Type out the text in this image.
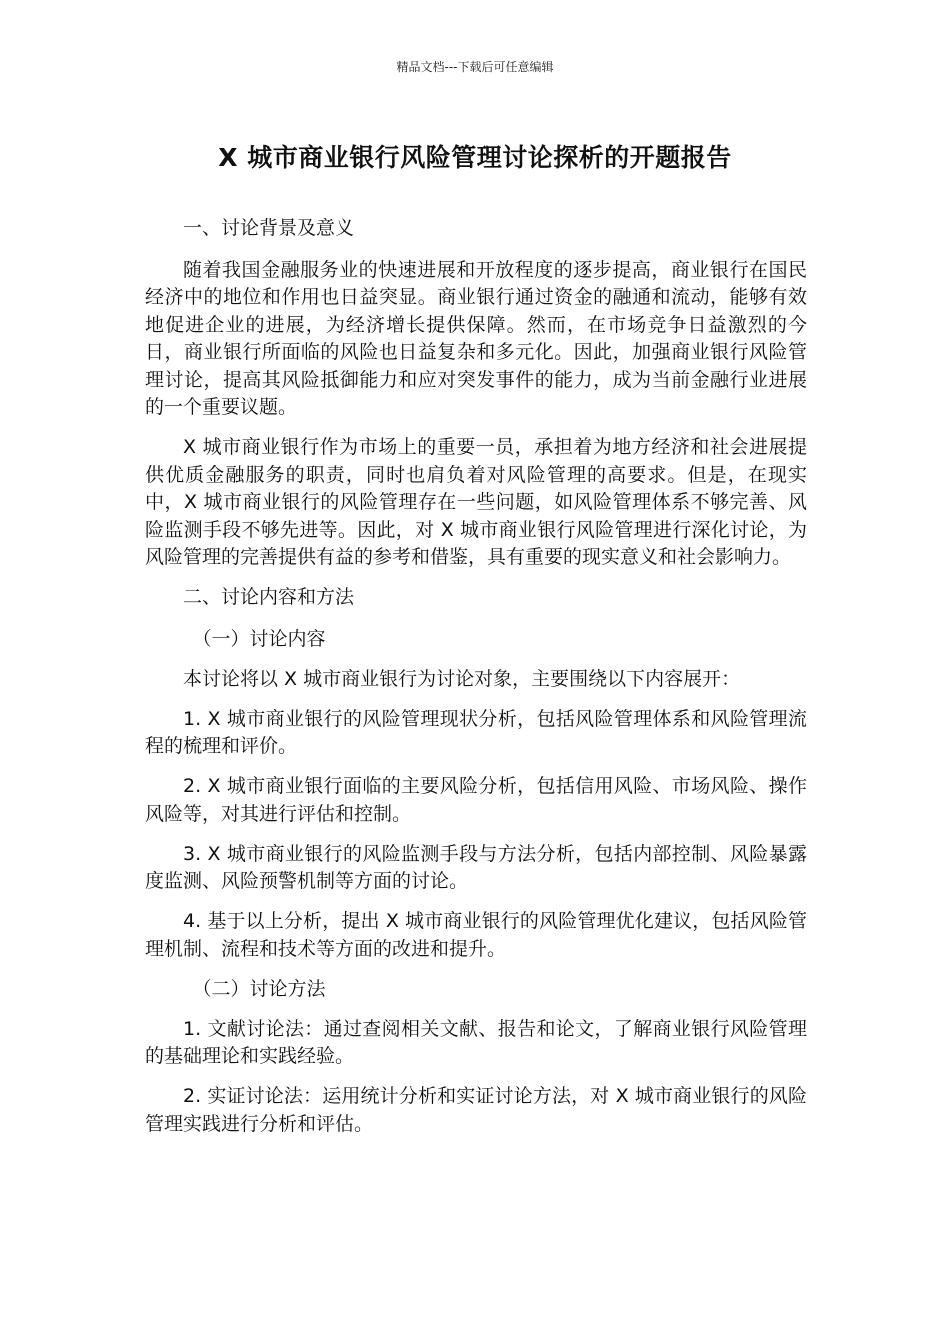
精品文档---下载后可任意编辑
X 城市商业银行风险管理讨论探析的开题报告

一、讨论背景及意义

随着我国金融服务业的快速进展和开放程度的逐步提高，商业银行在国民经济中的地位和作用也日益突显。商业银行通过资金的融通和流动，能够有效地促进企业的进展，为经济增长提供保障。然而，在市场竞争日益激烈的今日，商业银行所面临的风险也日益复杂和多元化。因此，加强商业银行风险管理讨论，提高其风险抵御能力和应对突发事件的能力，成为当前金融行业进展的一个重要议题。

X 城市商业银行作为市场上的重要一员，承担着为地方经济和社会进展提供优质金融服务的职责，同时也肩负着对风险管理的高要求。但是，在现实中，X 城市商业银行的风险管理存在一些问题，如风险管理体系不够完善、风险监测手段不够先进等。因此，对 X 城市商业银行风险管理进行深化讨论，为风险管理的完善提供有益的参考和借鉴，具有重要的现实意义和社会影响力。

二、讨论内容和方法

（一）讨论内容

本讨论将以 X 城市商业银行为讨论对象，主要围绕以下内容展开：

1. X 城市商业银行的风险管理现状分析，包括风险管理体系和风险管理流程的梳理和评价。

2. X 城市商业银行面临的主要风险分析，包括信用风险、市场风险、操作风险等，对其进行评估和控制。

3. X 城市商业银行的风险监测手段与方法分析，包括内部控制、风险暴露度监测、风险预警机制等方面的讨论。

4. 基于以上分析，提出 X 城市商业银行的风险管理优化建议，包括风险管理机制、流程和技术等方面的改进和提升。

（二）讨论方法

1. 文献讨论法：通过查阅相关文献、报告和论文，了解商业银行风险管理的基础理论和实践经验。

2. 实证讨论法：运用统计分析和实证讨论方法，对 X 城市商业银行的风险管理实践进行分析和评估。
